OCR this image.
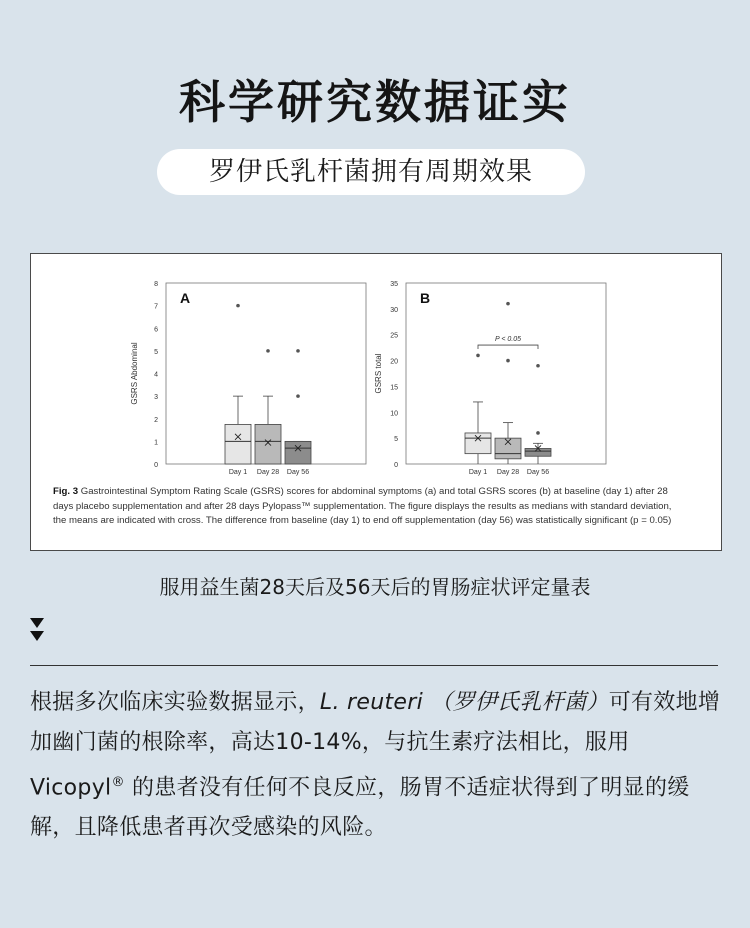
科学研究数据证实
罗伊氏乳杆菌拥有周期效果
0
1
2
3
4
5
6
7
8
GSRS Abdominal
A
Day 1 Day 28 Day 56
0
5
10
15
20
25
30
35
GSRS total
B
Day 1 Day 28 Day 56
P < 0.05
Fig. 3 Gastrointestinal Symptom Rating Scale (GSRS) scores for abdominal symptoms (a) and total GSRS scores (b) at baseline (day 1) after 28
days placebo supplementation and after 28 days Pylopass™ supplementation. The figure displays the results as medians with standard deviation,
the means are indicated with cross. The difference from baseline (day 1) to end off supplementation (day 56) was statistically significant (p = 0.05)
服用益生菌28天后及56天后的胃肠症状评定量表
根据多次临床实验数据显示，L. reuteri （罗伊氏乳杆菌）可有效地增加幽门菌的根除率，高达10-14%，与抗生素疗法相比，服用Vicopyl® 的患者没有任何不良反应，肠胃不适症状得到了明显的缓解，且降低患者再次受感染的风险。
